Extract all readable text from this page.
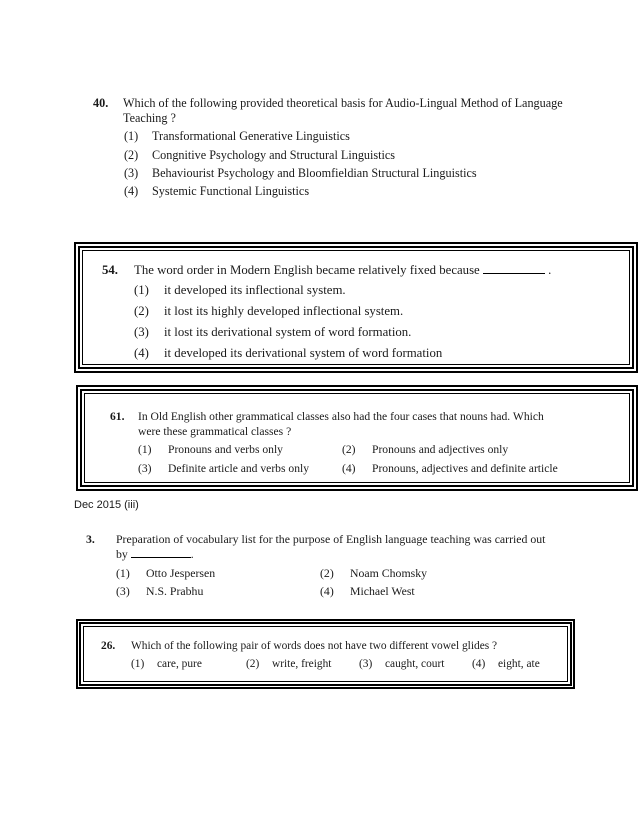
40. Which of the following provided theoretical basis for Audio-Lingual Method of Language
Teaching ?
(1) Transformational Generative Linguistics
(2) Congnitive Psychology and Structural Linguistics
(3) Behaviourist Psychology and Bloomfieldian Structural Linguistics
(4) Systemic Functional Linguistics
54. The word order in Modern English became relatively fixed because	.
(1) it developed its inflectional system.
(2) it lost its highly developed inflectional system.
(3) it lost its derivational system of word formation.
(4) it developed its derivational system of word formation
61. In Old English other grammatical classes also had the four cases that nouns had. Which
were these grammatical classes ?
(1) Pronouns and verbs only	(2) Pronouns and adjectives only
(3) Definite article and verbs only	(4) Pronouns, adjectives and definite article
Dec 2015 (iii)
3. Preparation of vocabulary list for the purpose of English language teaching was carried out
by	.
(1) Otto Jespersen	(2) Noam Chomsky
(3) N.S. Prabhu	(4) Michael West
26. Which of the following pair of words does not have two different vowel glides ?
(1) care, pure	(2) write, freight (3) caught, court (4) eight, ate
